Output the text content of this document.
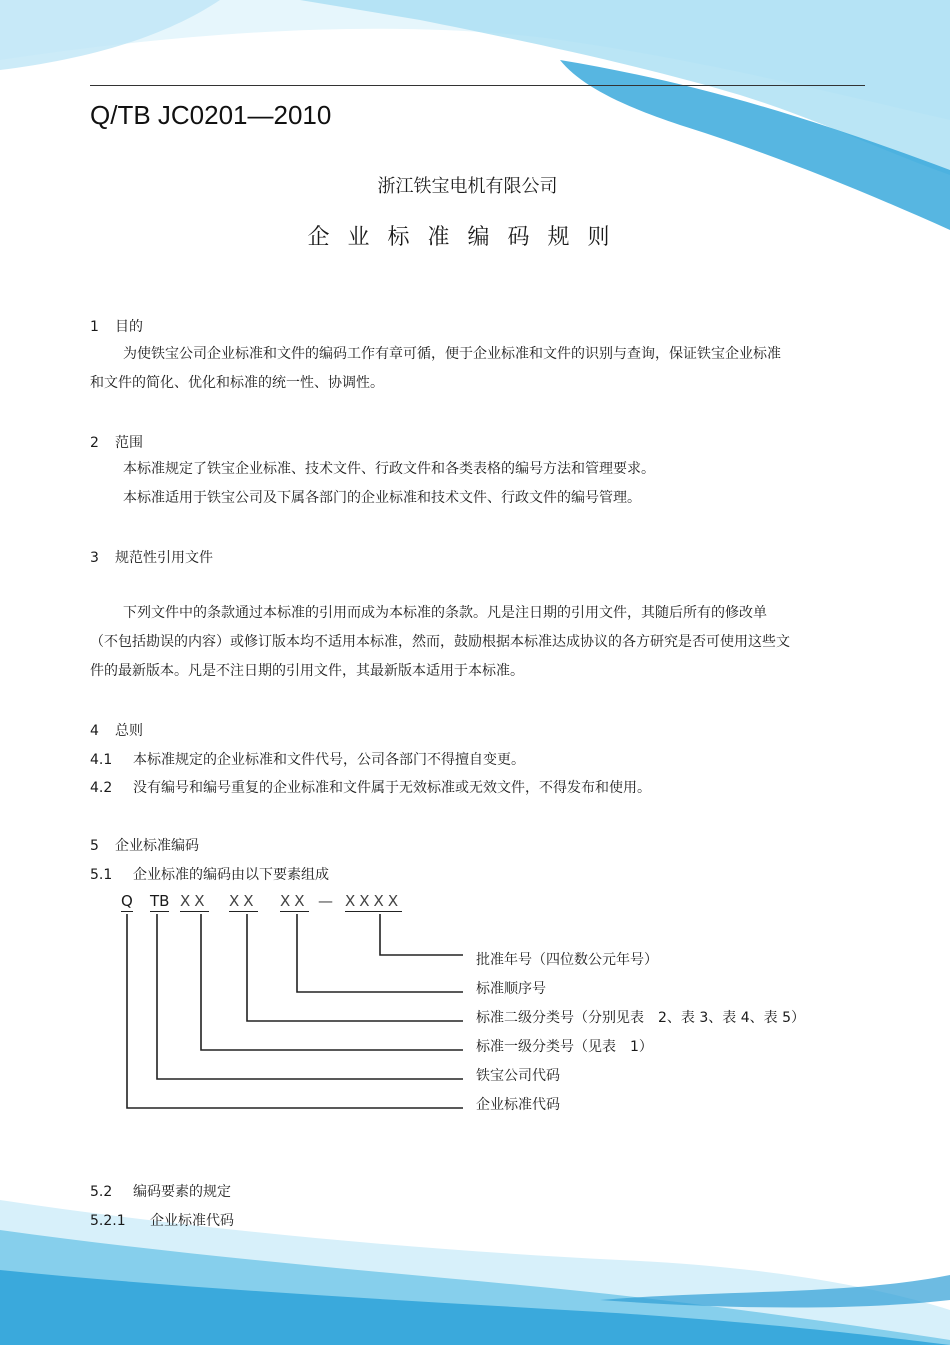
Q/TB JC0201—2010
浙江铁宝电机有限公司
企业标准编码规则
1 目的

为使铁宝公司企业标准和文件的编码工作有章可循，便于企业标准和文件的识别与查询，保证铁宝企业标准和文件的简化、优化和标准的统一性、协调性。

2 范围

本标准规定了铁宝企业标准、技术文件、行政文件和各类表格的编号方法和管理要求。

本标准适用于铁宝公司及下属各部门的企业标准和技术文件、行政文件的编号管理。

3 规范性引用文件

下列文件中的条款通过本标准的引用而成为本标准的条款。凡是注日期的引用文件，其随后所有的修改单（不包括勘误的内容）或修订版本均不适用本标准，然而，鼓励根据本标准达成协议的各方研究是否可使用这些文件的最新版本。凡是不注日期的引用文件，其最新版本适用于本标准。

4 总则
4.1 本标准规定的企业标准和文件代号，公司各部门不得擅自变更。
4.2 没有编号和编号重复的企业标准和文件属于无效标准或无效文件，不得发布和使用。
5 企业标准编码
5.1 企业标准的编码由以下要素组成
Q TB XX XX XX — XXXX
批准年号（四位数公元年号）
标准顺序号
标准二级分类号（分别见表　2、表 3、表 4、表 5）
标准一级分类号（见表　1）
铁宝公司代码
企业标准代码
5.2 编码要素的规定
5.2.1 企业标准代码
